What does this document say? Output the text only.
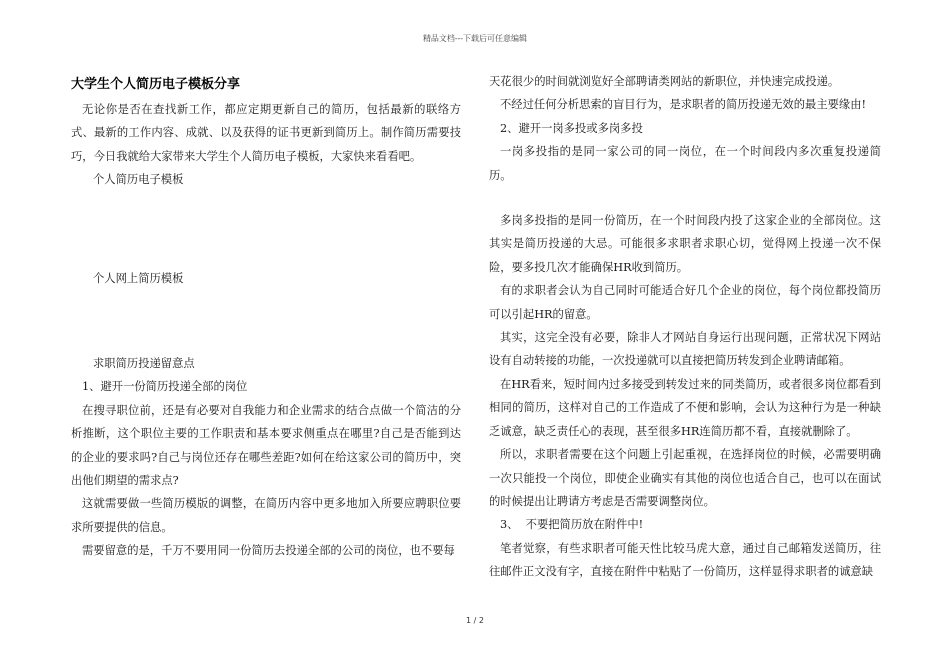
精品文档---下载后可任意编辑
大学生个人简历电子模板分享

无论你是否在查找新工作，都应定期更新自己的简历，包括最新的联络方式、最新的工作内容、成就、以及获得的证书更新到简历上。制作简历需要技巧，今日我就给大家带来大学生个人简历电子模板，大家快来看看吧。

个人简历电子模板

个人网上简历模板

求职简历投递留意点

1、避开一份简历投递全部的岗位

在搜寻职位前，还是有必要对自我能力和企业需求的结合点做一个简洁的分析推断，这个职位主要的工作职责和基本要求侧重点在哪里?自己是否能到达的企业的要求吗?自己与岗位还存在哪些差距?如何在给这家公司的简历中，突出他们期望的需求点?

这就需要做一些简历模版的调整，在简历内容中更多地加入所要应聘职位要求所要提供的信息。

需要留意的是，千万不要用同一份简历去投递全部的公司的岗位，也不要每

天花很少的时间就浏览好全部聘请类网站的新职位，并快速完成投递。

不经过任何分析思索的盲目行为，是求职者的简历投递无效的最主要缘由!

2、避开一岗多投或多岗多投

一岗多投指的是同一家公司的同一岗位，在一个时间段内多次重复投递简历。

多岗多投指的是同一份简历，在一个时间段内投了这家企业的全部岗位。这其实是简历投递的大忌。可能很多求职者求职心切，觉得网上投递一次不保险，要多投几次才能确保HR收到简历。

有的求职者会认为自己同时可能适合好几个企业的岗位，每个岗位都投简历可以引起HR的留意。

其实，这完全没有必要，除非人才网站自身运行出现问题，正常状况下网站设有自动转接的功能，一次投递就可以直接把简历转发到企业聘请邮箱。

在HR看来，短时间内过多接受到转发过来的同类简历，或者很多岗位都看到相同的简历，这样对自己的工作造成了不便和影响，会认为这种行为是一种缺乏诚意，缺乏责任心的表现，甚至很多HR连简历都不看，直接就删除了。

所以，求职者需要在这个问题上引起重视，在选择岗位的时候，必需要明确一次只能投一个岗位，即使企业确实有其他的岗位也适合自己，也可以在面试的时候提出让聘请方考虑是否需要调整岗位。

3、  不要把简历放在附件中!

笔者觉察，有些求职者可能天性比较马虎大意，通过自己邮箱发送简历，往往邮件正文没有字，直接在附件中粘贴了一份简历，这样显得求职者的诚意缺

1 / 2
